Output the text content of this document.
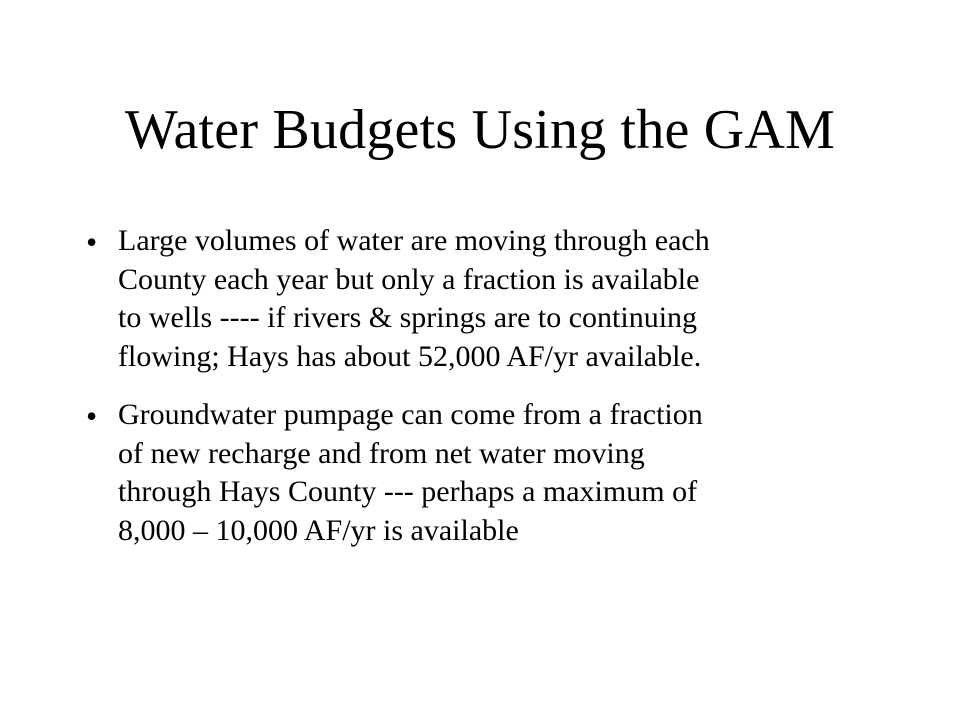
Water Budgets Using the GAM
• Large volumes of water are moving through each
County each year but only a fraction is available
to wells ---- if rivers & springs are to continuing
flowing; Hays has about 52,000 AF/yr available.
• Groundwater pumpage can come from a fraction
of new recharge and from net water moving
through Hays County --- perhaps a maximum of
8,000 – 10,000 AF/yr is available
